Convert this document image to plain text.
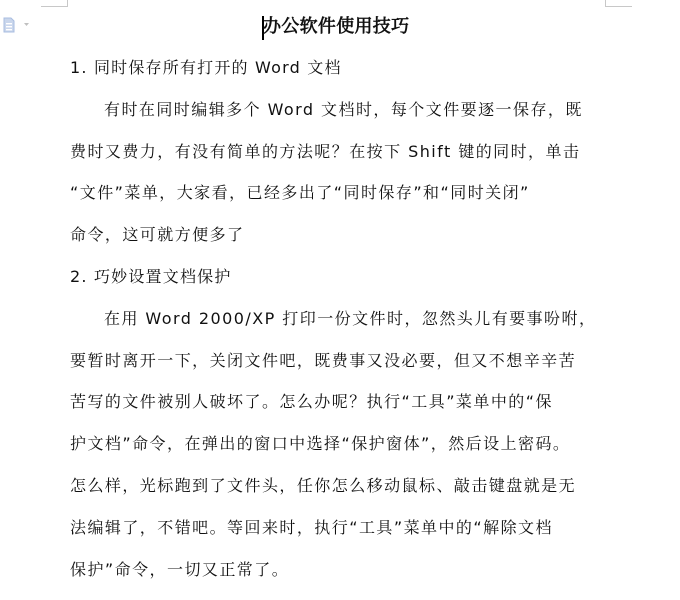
办公软件使用技巧
1. 同时保存所有打开的 Word 文档
有时在同时编辑多个 Word 文档时，每个文件要逐一保存，既
费时又费力，有没有简单的方法呢？在按下 Shift 键的同时，单击
“文件”菜单，大家看，已经多出了“同时保存”和“同时关闭”
命令，这可就方便多了
2. 巧妙设置文档保护
在用 Word 2000/XP 打印一份文件时，忽然头儿有要事吩咐，
要暂时离开一下，关闭文件吧，既费事又没必要，但又不想辛辛苦
苦写的文件被别人破坏了。怎么办呢？执行“工具”菜单中的“保
护文档”命令，在弹出的窗口中选择“保护窗体”，然后设上密码。
怎么样，光标跑到了文件头，任你怎么移动鼠标、敲击键盘就是无
法编辑了，不错吧。等回来时，执行“工具”菜单中的“解除文档
保护”命令，一切又正常了。
